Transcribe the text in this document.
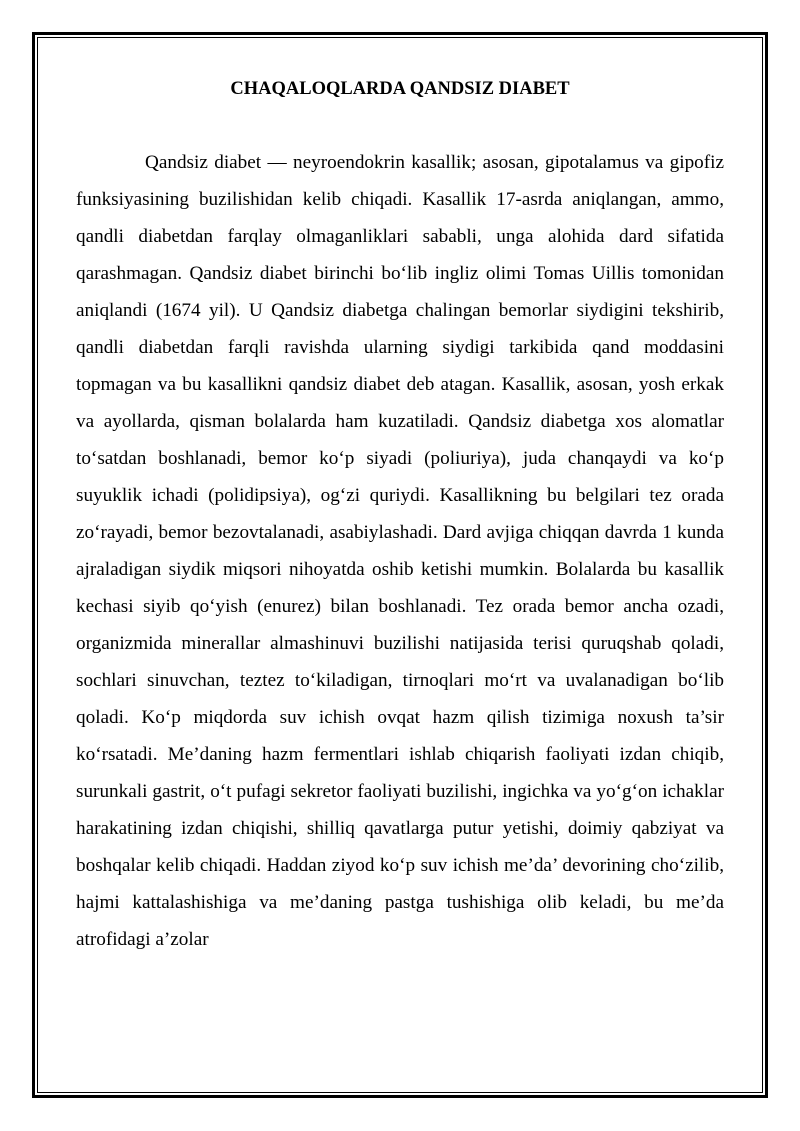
CHAQALOQLARDA QANDSIZ DIABET

Qandsiz diabet — neyroendokrin kasallik; asosan, gipotalamus va gipofiz funksiyasining buzilishidan kelib chiqadi. Kasallik 17-asrda aniqlangan, ammo, qandli diabetdan farqlay olmaganliklari sababli, unga alohida dard sifatida qarashmagan. Qandsiz diabet birinchi bo‘lib ingliz olimi Tomas Uillis tomonidan aniqlandi (1674 yil). U Qandsiz diabetga chalingan bemorlar siydigini tekshirib, qandli diabetdan farqli ravishda ularning siydigi tarkibida qand moddasini topmagan va bu kasallikni qandsiz diabet deb atagan. Kasallik, asosan, yosh erkak va ayollarda, qisman bolalarda ham kuzatiladi. Qandsiz diabetga xos alomatlar to‘satdan boshlanadi, bemor ko‘p siyadi (poliuriya), juda chanqaydi va ko‘p suyuklik ichadi (polidipsiya), og‘zi quriydi. Kasallikning bu belgilari tez orada zo‘rayadi, bemor bezovtalanadi, asabiylashadi. Dard avjiga chiqqan davrda 1 kunda ajraladigan siydik miqsori nihoyatda oshib ketishi mumkin. Bolalarda bu kasallik kechasi siyib qo‘yish (enurez) bilan boshlanadi. Tez orada bemor ancha ozadi, organizmida minerallar almashinuvi buzilishi natijasida terisi quruqshab qoladi, sochlari sinuvchan, teztez to‘kiladigan, tirnoqlari mo‘rt va uvalanadigan bo‘lib qoladi. Ko‘p miqdorda suv ichish ovqat hazm qilish tizimiga noxush ta’sir ko‘rsatadi. Me’daning hazm fermentlari ishlab chiqarish faoliyati izdan chiqib, surunkali gastrit, o‘t pufagi sekretor faoliyati buzilishi, ingichka va yo‘g‘on ichaklar harakatining izdan chiqishi, shilliq qavatlarga putur yetishi, doimiy qabziyat va boshqalar kelib chiqadi. Haddan ziyod ko‘p suv ichish me’da’ devorining cho‘zilib, hajmi kattalashishiga va me’daning pastga tushishiga olib keladi, bu me’da atrofidagi a’zolar
